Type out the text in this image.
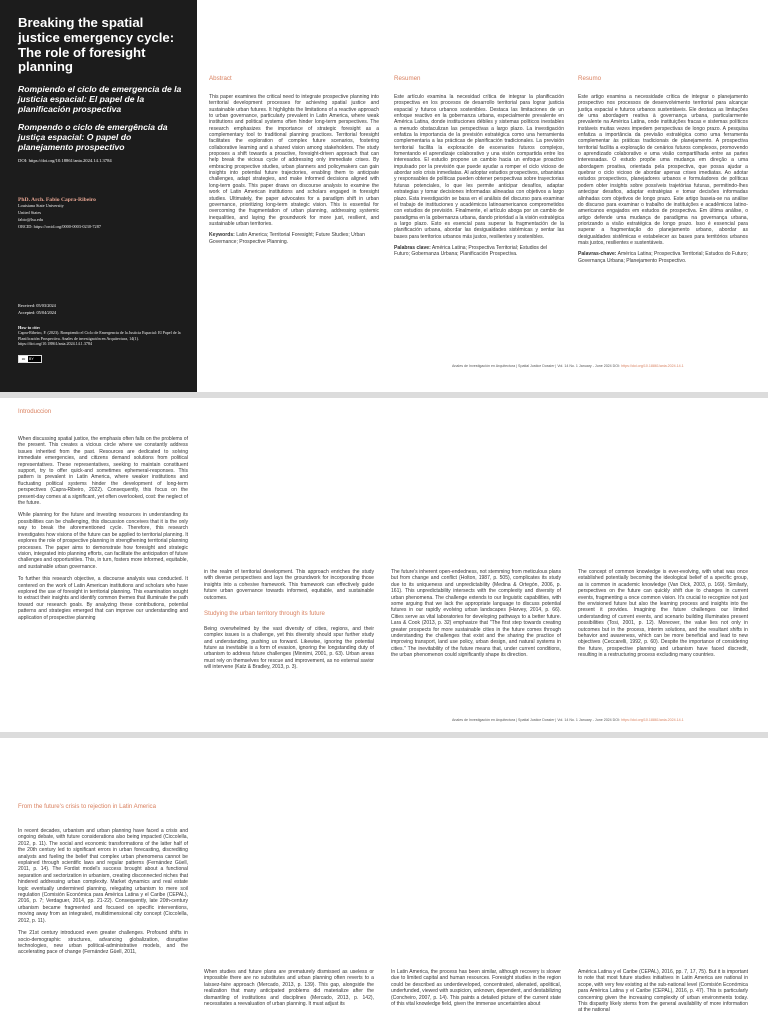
Breaking the spatial justice emergency cycle: The role of foresight planning
Rompiendo el ciclo de emergencia de la justicia espacial: El papel de la planificación prospectiva
Rompendo o ciclo de emergência da justiça espacial: O papel do planejamento prospectivo
DOI: https://doi.org/10.18861/ania.2024.14.1.3784
PhD. Arch. Fabio Capra-Ribeiro
Louisiana State University
United States
fabio@lsu.edu
ORCID: https://orcid.org/0000-0003-0230-7287
Received: 05/03/2024
Accepted: 05/04/2024
How to cite:
Capra-Ribeiro, F. (2023). Rompiendo el Ciclo de Emergencia de la Justicia Espacial: El Papel de la Planificación Prospectiva. Anales de investigación en Arquitectura, 14(1). https://doi.org/10.18861/ania.2024.14.1.3784
cc	BY
Abstract
This paper examines the critical need to integrate prospective planning into territorial development processes for achieving spatial justice and sustainable urban futures. It highlights the limitations of a reactive approach to urban governance, particularly prevalent in Latin America, where weak institutions and political systems often hinder long-term perspectives. The research emphasizes the importance of strategic foresight as a complementary tool to traditional planning practices. Territorial foresight facilitates the exploration of complex future scenarios, fostering collaborative learning and a shared vision among stakeholders. The study proposes a shift towards a proactive, foresight-driven approach that can help break the vicious cycle of addressing only immediate crises. By embracing prospective studies, urban planners and policymakers can gain insights into potential future trajectories, enabling them to anticipate challenges, adapt strategies, and make informed decisions aligned with long-term goals. This paper draws on discourse analysis to examine the work of Latin American institutions and scholars engaged in foresight studies. Ultimately, the paper advocates for a paradigm shift in urban governance, prioritizing long-term strategic vision. This is essential for overcoming the fragmentation of urban planning, addressing systemic inequalities, and laying the groundwork for more just, resilient, and sustainable urban territories.
Keywords: Latin America; Territorial Foresight; Future Studies; Urban Governance; Prospective Planning.
Resumen
Este artículo examina la necesidad crítica de integrar la planificación prospectiva en los procesos de desarrollo territorial para lograr justicia espacial y futuros urbanos sostenibles. Destaca las limitaciones de un enfoque reactivo en la gobernanza urbana, especialmente prevalente en América Latina, donde instituciones débiles y sistemas políticos inestables a menudo obstaculizan las perspectivas a largo plazo. La investigación enfatiza la importancia de la previsión estratégica como una herramienta complementaria a las prácticas de planificación tradicionales. La previsión territorial facilita la exploración de escenarios futuros complejos, fomentando el aprendizaje colaborativo y una visión compartida entre los interesados. El estudio propone un cambio hacia un enfoque proactivo impulsado por la previsión que puede ayudar a romper el ciclo vicioso de abordar solo crisis inmediatas. Al adoptar estudios prospectivos, urbanistas y responsables de políticas pueden obtener perspectivas sobre trayectorias futuras potenciales, lo que les permite anticipar desafíos, adaptar estrategias y tomar decisiones informadas alineadas con objetivos a largo plazo. Esta investigación se basa en el análisis del discurso para examinar el trabajo de instituciones y académicos latinoamericanos comprometidos con estudios de previsión. Finalmente, el artículo aboga por un cambio de paradigma en la gobernanza urbana, dando prioridad a la visión estratégica a largo plazo. Esto es esencial para superar la fragmentación de la planificación urbana, abordar las desigualdades sistémicas y sentar las bases para territorios urbanos más justos, resilientes y sostenibles.
Palabras clave: América Latina; Prospectiva Territorial; Estudios del Futuro; Gobernanza Urbana; Planificación Prospectiva.
Resumo
Este artigo examina a necessidade crítica de integrar o planejamento prospectivo nos processos de desenvolvimento territorial para alcançar justiça espacial e futuros urbanos sustentáveis. Ele destaca as limitações de uma abordagem reativa à governança urbana, particularmente prevalente na América Latina, onde instituições fracas e sistemas políticos instáveis muitas vezes impedem perspectivas de longo prazo. A pesquisa enfatiza a importância da previsão estratégica como uma ferramenta complementar às práticas tradicionais de planejamento. A prospectiva territorial facilita a exploração de cenários futuros complexos, promovendo o aprendizado colaborativo e uma visão compartilhada entre as partes interessadas. O estudo propõe uma mudança em direção a uma abordagem proativa, orientada pela prospectiva, que possa ajudar a quebrar o ciclo vicioso de abordar apenas crises imediatas. Ao adotar estudos prospectivos, planejadores urbanos e formuladores de políticas podem obter insights sobre possíveis trajetórias futuras, permitindo-lhes antecipar desafios, adaptar estratégias e tomar decisões informadas alinhadas com objetivos de longo prazo. Este artigo baseia-se na análise do discurso para examinar o trabalho de instituições e acadêmicos latino-americanos engajados em estudos de prospectiva. Em última análise, o artigo defende uma mudança de paradigma na governança urbana, priorizando a visão estratégica de longo prazo. Isso é essencial para superar a fragmentação do planejamento urbano, abordar as desigualdades sistêmicas e estabelecer as bases para territórios urbanos mais justos, resilientes e sustentáveis.
Palavras-chave: América Latina; Prospectiva Territorial; Estudos do Futuro; Governança Urbana; Planejamento Prospectivo.
Anales de Investigación en Arquitectura | Spatial Justice Dossier | Vol. 14 No. 1 January - June 2024 DOI: https://doi.org/10.18861/ania.2024.14.1
Introduccion

When discussing spatial justice, the emphasis often falls on the problems of the present. This creates a vicious circle where we constantly address issues inherited from the past. Resources are dedicated to solving immediate emergencies, and citizens demand solutions from political representatives. These representatives, seeking to maintain constituent support, try to offer quick-and sometimes ephemeral-responses. This pattern is prevalent in Latin America, where weaker institutions and fluctuating political systems hinder the development of long-term perspectives (Capra-Ribeiro, 2022). Consequently, this focus on the present-day comes at a significant, yet often overlooked, cost: the neglect of the future.

While planning for the future and investing resources in understanding its possibilities can be challenging, this discussion conceives that it is the only way to break the aforementioned cycle. Therefore, this research investigates how visions of the future can be applied to territorial planning. It explores the role of prospective planning in strengthening territorial planning processes. The paper aims to demonstrate how foresight and strategic vision, integrated into planning efforts, can facilitate the anticipation of future challenges and opportunities. This, in turn, fosters more informed, equitable, and sustainable urban governance.

To further this research objective, a discourse analysis was conducted. It centered on the work of Latin American institutions and scholars who have explored the use of foresight in territorial planning. This examination sought to extract their insights and identify common themes that illuminate the path toward our research goals. By analyzing these contributions, potential patterns and strategies emerged that can improve our understanding and application of prospective planning

in the realm of territorial development. This approach enriches the study with diverse perspectives and lays the groundwork for incorporating those insights into a cohesive framework. This framework can effectively guide future urban governance towards informed, equitable, and sustainable outcomes.

Studying the urban territory through its future

Being overwhelmed by the vast diversity of cities, regions, and their complex issues is a challenge, yet this diversity should spur further study and understanding, pushing us forward. Likewise, ignoring the potential future as inevitable is a form of evasion, ignoring the longstanding duty of urbanism to address future challenges (Minnimi, 2001, p. 63). Urban areas must rely on themselves for rescue and improvement, as no external savior will intervene (Katz & Bradley, 2013, p. 3).

The future's inherent open-endedness, not stemming from meticulous plans but from change and conflict (Holton, 1987, p. 505), complicates its study due to its uniqueness and unpredictability (Medina & Ortegón, 2006, p. 161). This unpredictability intersects with the complexity and diversity of urban phenomena. The challenge extends to our linguistic capabilities, with some arguing that we lack the appropriate language to discuss potential futures in our rapidly evolving urban landscapes (Harvey, 2014, p. 66). Cities serve as vital laboratories for developing pathways to a better future. Lara & Cook (2013, p. 32) emphasize that "The first step towards creating greater prospects for more sustainable cities in the future comes through understanding the challenges that exist and the sharing the practice of improving transport, land use policy, urban design, and natural systems in cities." The inevitability of the future means that, under current conditions, the urban phenomenon could significantly shape its direction.

The concept of common knowledge is ever-evolving, with what was once established potentially becoming the ideological belief of a specific group, as is common in academic knowledge (Van Dick, 2003, p. 169). Similarly, perspectives on the future can quickly shift due to changes in current events, fragmenting a once common vision. It's crucial to recognize not just the envisioned future but also the learning process and insights into the present it provides. Imagining the future challenges our limited understanding of current events, and scenario building illuminates present possibilities (Tosi, 2001, p. 12). Moreover, the value lies not only in outcomes but in the process, interim solutions, and the resultant shifts in behavior and awareness, which can be more beneficial and lead to new objectives (Ceccarelli, 1992, p. 60). Despite the importance of considering the future, prospective planning and urbanism have faced discredit, resulting in a restructuring process excluding many countries.

Anales de Investigación en Arquitectura | Spatial Justice Dossier | Vol. 14 No. 1 January - June 2024 DOI: https://doi.org/10.18861/ania.2024.14.1
From the future's crisis to rejection in Latin America

In recent decades, urbanism and urban planning have faced a crisis and ongoing debate, with future considerations also being impacted (Ciccolella, 2012, p. 11). The social and economic transformations of the latter half of the 20th century led to significant errors in urban forecasting, discrediting analysts and fueling the belief that complex urban phenomena cannot be explained through scientific laws and regular patterns (Fernández Güell, 2011, p. 14). The Fordist model's success brought about a functional separation and sectorization in urbanism, creating disconnected niches that hindered addressing urban complexity. Market dynamics and real estate logic eventually undermined planning, relegating urbanism to mere soil regulation (Comisión Económica para América Latina y el Caribe (CEPAL), 2016, p. 7; Verdaguer, 2014, pp. 21-22). Consequently, late 20th-century urbanism became fragmented and focused on specific interventions, moving away from an integrated, multidimensional city concept (Ciccolella, 2012, p. 11).

The 21st century introduced even greater challenges. Profound shifts in socio-demographic structures, advancing globalization, disruptive technologies, new urban political-administrative models, and the accelerating pace of change (Fernández Güell, 2011,

When studies and future plans are prematurely dismissed as useless or impossible there are no substitutes and urban planning often reverts to a laissez-faire approach (Mercado, 2013, p. 139). This gap, alongside the realization that many anticipated problems did materialize after the dismantling of institutions and disciplines (Mercado, 2013, p. 142), necessitates a reevaluation of urban planning. It must adjust its

In Latin America, the process has been similar, although recovery is slower due to limited capital and human resources. Foresight studies in the region could be described as underdeveloped, concentrated, alienated, apolitical, underfunded, viewed with suspicion, unknown, dependent, and destabilizing (Concheiro, 2007, p. 14). This paints a detailed picture of the current state of this vital knowledge field, given the immense uncertainties about

América Latina y el Caribe (CEPAL), 2016, pp. 7, 17, 75). But it is important to note that most future studies initiatives in Latin America are national in scope, with very few existing at the sub-national level (Comisión Económica para América Latina y el Caribe (CEPAL), 2016, p. 47). This is particularly concerning given the increasing complexity of urban environments today. This disparity likely stems from the general availability of more information at the national
